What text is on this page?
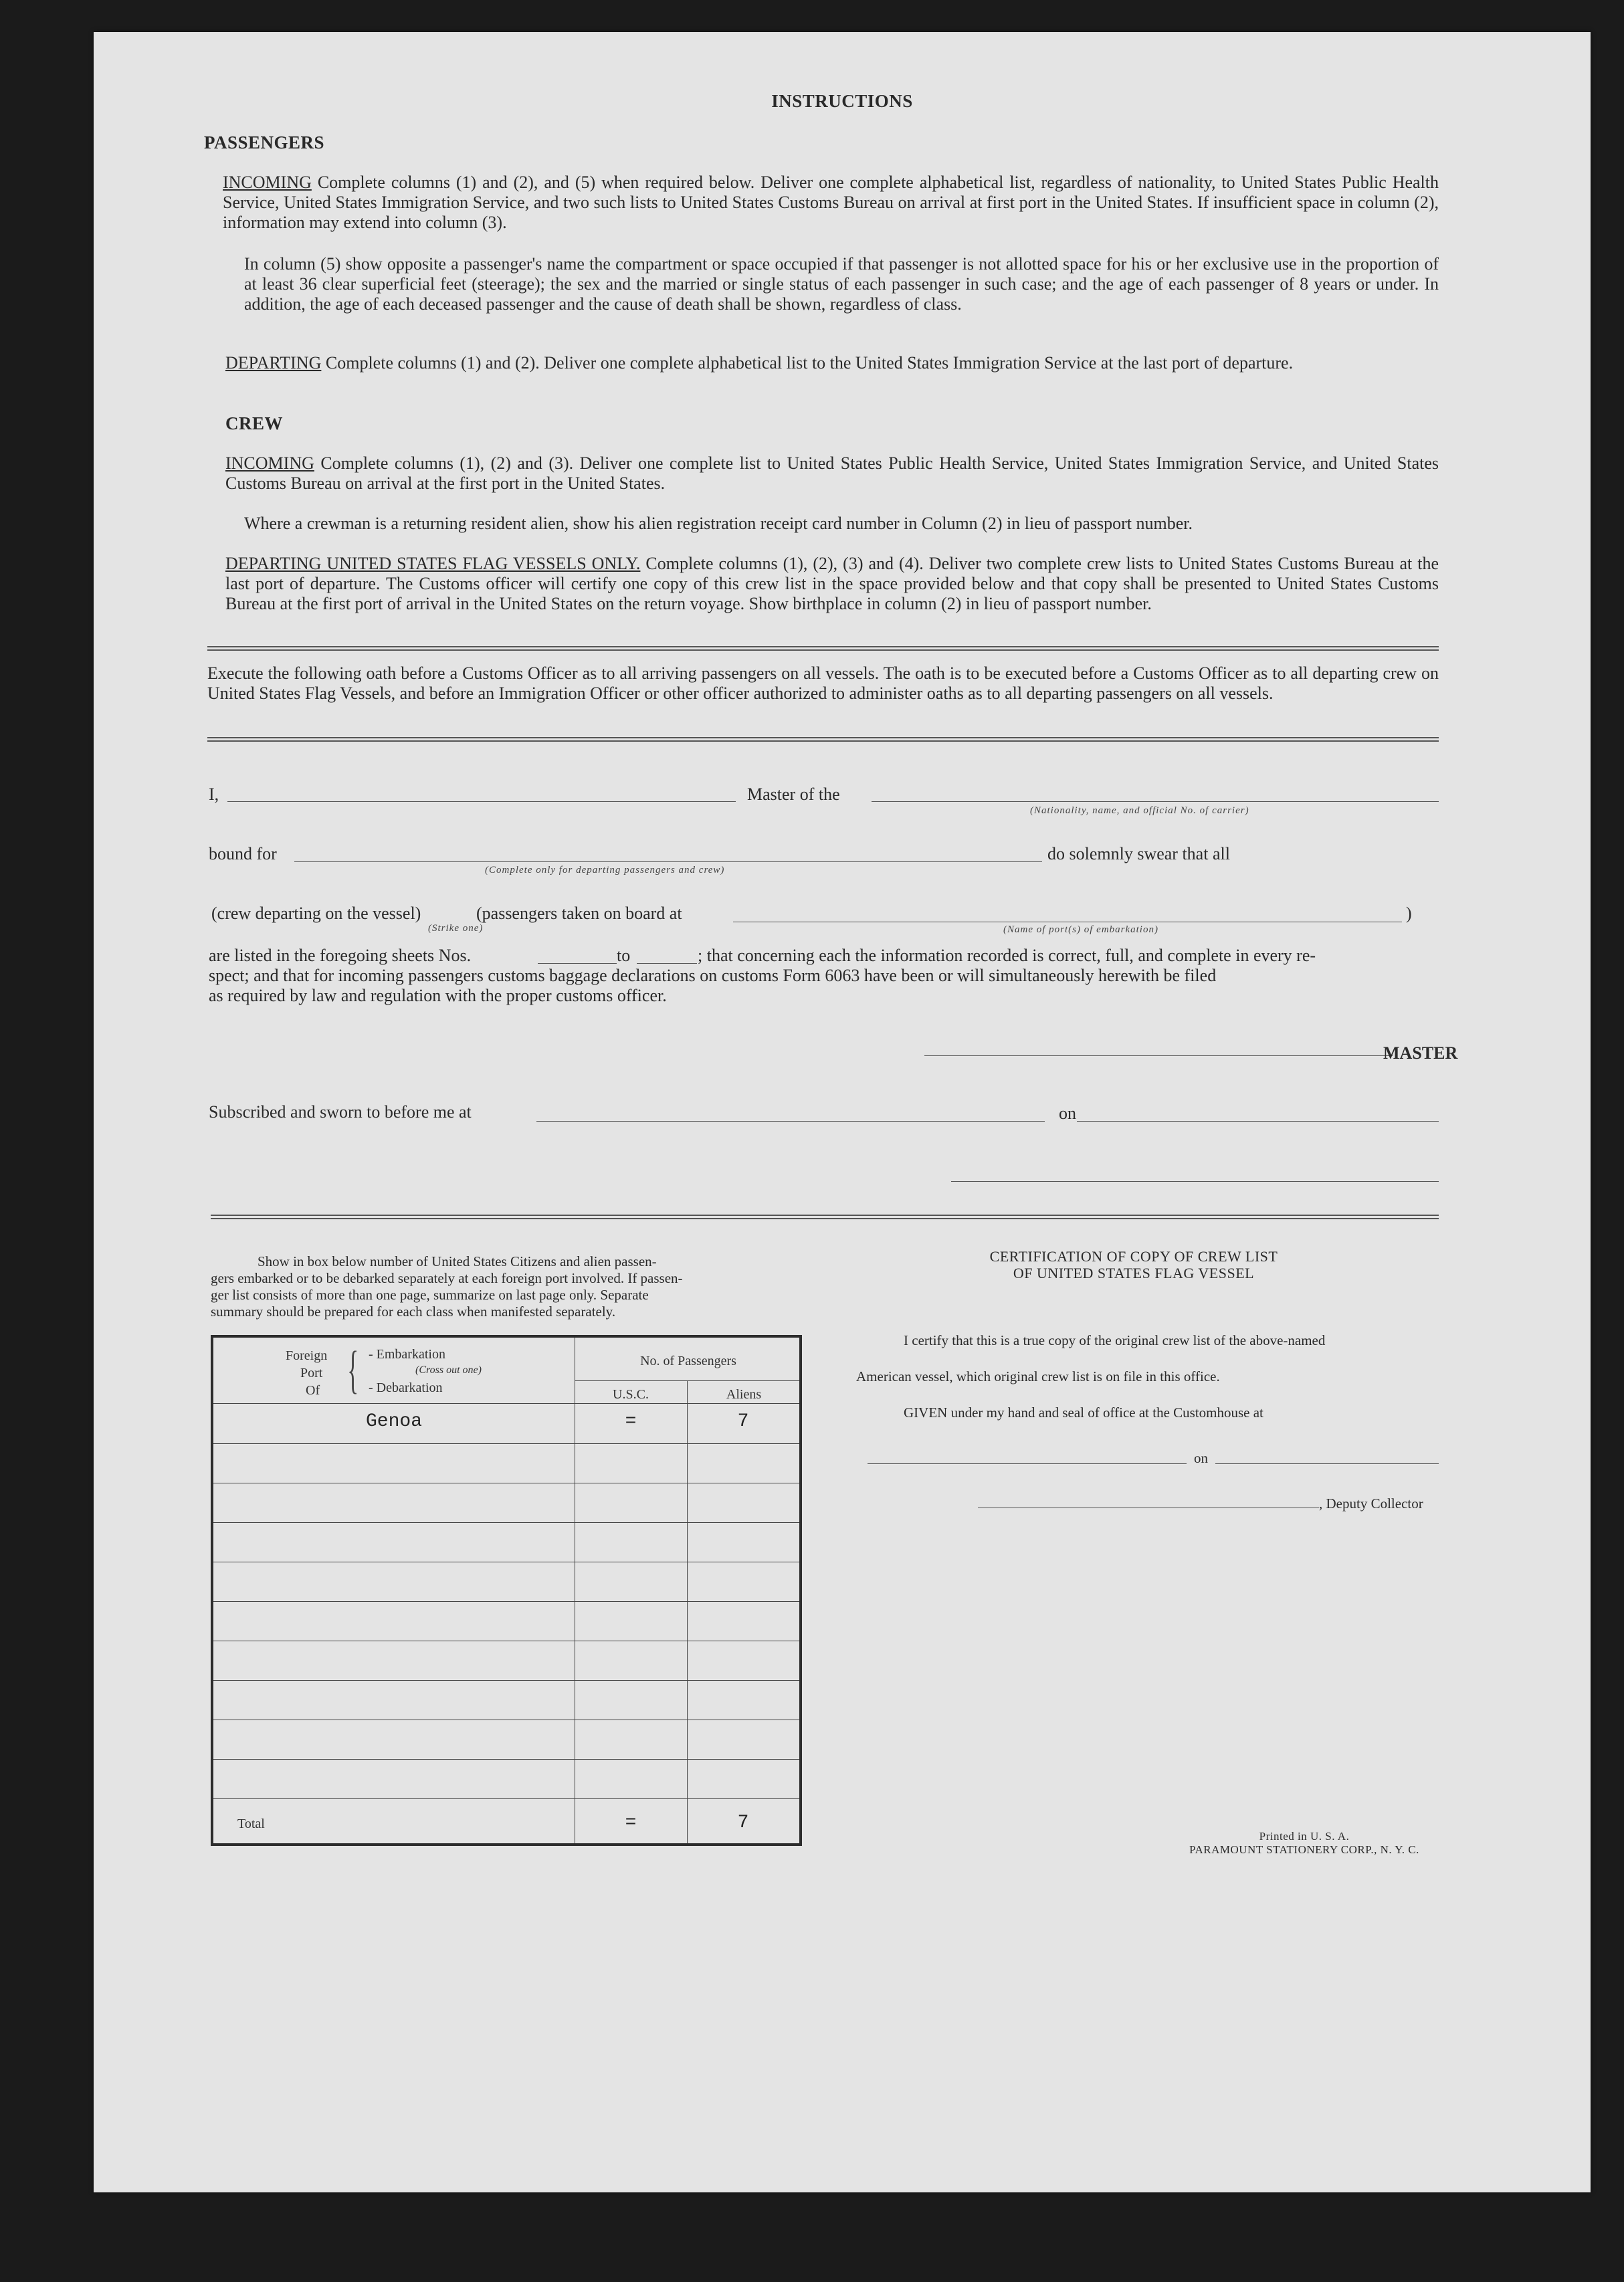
INSTRUCTIONS
PASSENGERS
INCOMING Complete columns (1) and (2), and (5) when required below. Deliver one complete alphabetical list, regardless of nationality, to United States Public Health Service, United States Immigration Service, and two such lists to United States Customs Bureau on arrival at first port in the United States. If insufficient space in column (2), information may extend into column (3).
In column (5) show opposite a passenger's name the compartment or space occupied if that passenger is not allotted space for his or her exclusive use in the proportion of at least 36 clear superficial feet (steerage); the sex and the married or single status of each passenger in such case; and the age of each passenger of 8 years or under. In addition, the age of each deceased passenger and the cause of death shall be shown, regardless of class.
DEPARTING Complete columns (1) and (2). Deliver one complete alphabetical list to the United States Immigration Service at the last port of departure.
CREW
INCOMING Complete columns (1), (2) and (3). Deliver one complete list to United States Public Health Service, United States Immigration Service, and United States Customs Bureau on arrival at the first port in the United States.
Where a crewman is a returning resident alien, show his alien registration receipt card number in Column (2) in lieu of passport number.
DEPARTING UNITED STATES FLAG VESSELS ONLY. Complete columns (1), (2), (3) and (4). Deliver two complete crew lists to United States Customs Bureau at the last port of departure. The Customs officer will certify one copy of this crew list in the space provided below and that copy shall be presented to United States Customs Bureau at the first port of arrival in the United States on the return voyage. Show birthplace in column (2) in lieu of passport number.
Execute the following oath before a Customs Officer as to all arriving passengers on all vessels. The oath is to be executed before a Customs Officer as to all departing crew on United States Flag Vessels, and before an Immigration Officer or other officer authorized to administer oaths as to all departing passengers on all vessels.
I,	Master of the
(Nationality, name, and official No. of carrier)
bound for
(Complete only for departing passengers and crew)
do solemnly swear that all
(crew departing on the vessel)	(passengers taken on board at	)
(Strike one)	(Name of port(s) of embarkation)
are listed in the foregoing sheets Nos.	to	; that concerning each the information recorded is correct, full, and complete in every re-
spect; and that for incoming passengers customs baggage declarations on customs Form 6063 have been or will simultaneously herewith be filed
as required by law and regulation with the proper customs officer.
MASTER
Subscribed and sworn to before me at	on
Show in box below number of United States Citizens and alien passen-
gers embarked or to be debarked separately at each foreign port involved. If passen-
ger list consists of more than one page, summarize on last page only. Separate
summary should be prepared for each class when manifested separately.
Foreign
Port
Of { - Embarkation
(Cross out one)
- Debarkation
No. of Passengers
U.S.C.	Aliens
Genoa	=	7
Total	=	7
CERTIFICATION OF COPY OF CREW LIST
OF UNITED STATES FLAG VESSEL
I certify that this is a true copy of the original crew list of the above-named
American vessel, which original crew list is on file in this office.
GIVEN under my hand and seal of office at the Customhouse at
on
, Deputy Collector
Printed in U. S. A.
PARAMOUNT STATIONERY CORP., N. Y. C.
